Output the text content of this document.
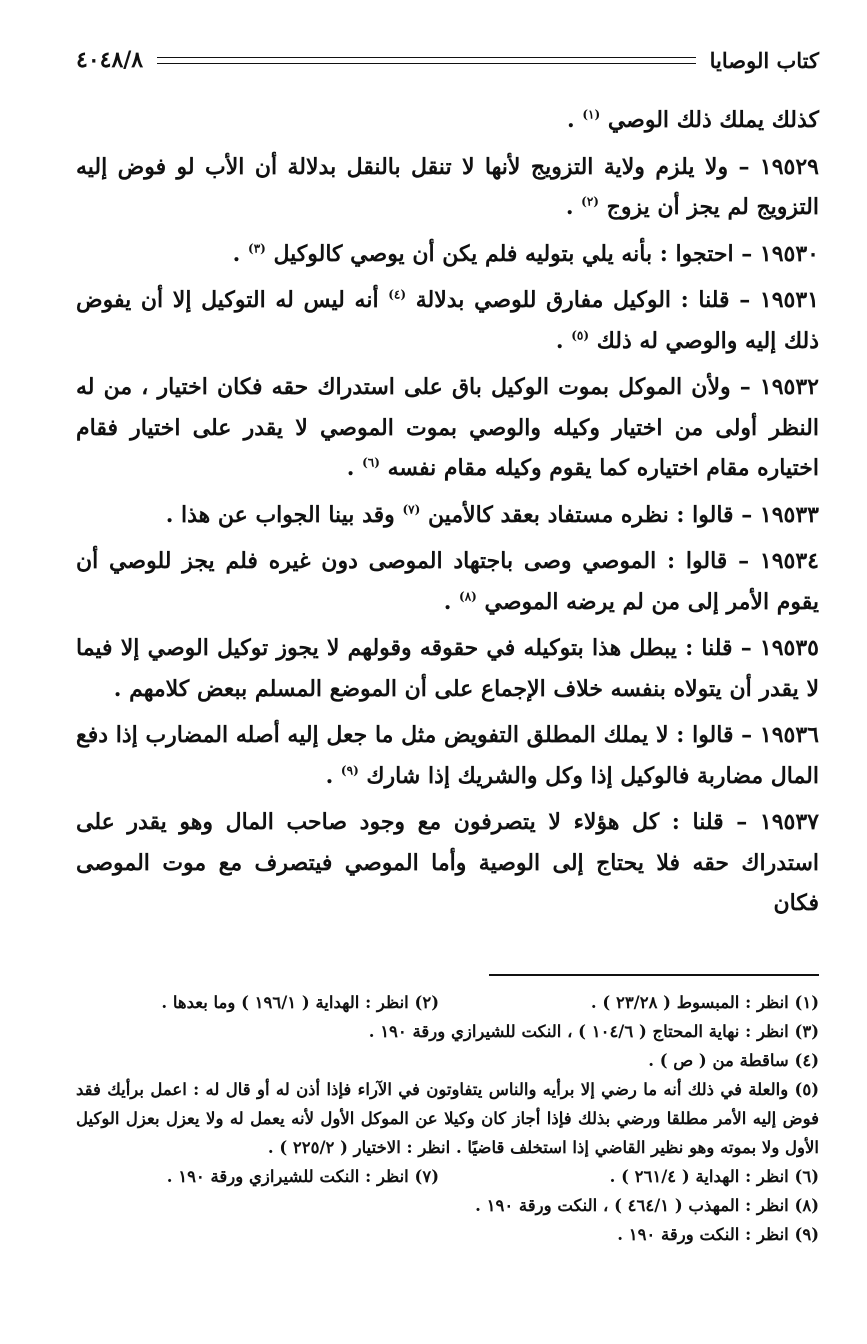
كتاب الوصايا
٤٠٤٨/٨

كذلك يملك ذلك الوصي $^{(١)}$ .

١٩٥٢٩ – ولا يلزم ولاية التزويج لأنها لا تنقل بالنقل بدلالة أن الأب لو فوض إليه التزويج لم يجز أن يزوج $^{(٢)}$ .

١٩٥٣٠ – احتجوا : بأنه يلي بتوليه فلم يكن أن يوصي كالوكيل $^{(٣)}$ .

١٩٥٣١ – قلنا : الوكيل مفارق للوصي بدلالة $^{(٤)}$ أنه ليس له التوكيل إلا أن يفوض ذلك إليه والوصي له ذلك $^{(٥)}$ .

١٩٥٣٢ – ولأن الموكل بموت الوكيل باق على استدراك حقه فكان اختيار ، من له النظر أولى من اختيار وكيله والوصي بموت الموصي لا يقدر على اختيار فقام اختياره مقام اختياره كما يقوم وكيله مقام نفسه $^{(٦)}$ .

١٩٥٣٣ – قالوا : نظره مستفاد بعقد كالأمين $^{(٧)}$ وقد بينا الجواب عن هذا .

١٩٥٣٤ – قالوا : الموصي وصى باجتهاد الموصى دون غيره فلم يجز للوصي أن يقوم الأمر إلى من لم يرضه الموصي $^{(٨)}$ .

١٩٥٣٥ – قلنا : يبطل هذا بتوكيله في حقوقه وقولهم لا يجوز توكيل الوصي إلا فيما لا يقدر أن يتولاه بنفسه خلاف الإجماع على أن الموضع المسلم ببعض كلامهم .

١٩٥٣٦ – قالوا : لا يملك المطلق التفويض مثل ما جعل إليه أصله المضارب إذا دفع المال مضاربة فالوكيل إذا وكل والشريك إذا شارك $^{(٩)}$ .

١٩٥٣٧ – قلنا : كل هؤلاء لا يتصرفون مع وجود صاحب المال وهو يقدر على استدراك حقه فلا يحتاج إلى الوصية وأما الموصي فيتصرف مع موت الموصى فكان

(١) انظر : المبسوط ( ٢٣/٢٨ ) .
(٢) انظر : الهداية ( ١٩٦/١ ) وما بعدها .

(٣) انظر : نهاية المحتاج ( ١٠٤/٦ ) ، النكت للشيرازي ورقة ١٩٠ .

(٤) ساقطة من ( ص ) .

(٥) والعلة في ذلك أنه ما رضي إلا برأيه والناس يتفاوتون في الآراء فإذا أذن له أو قال له : اعمل برأيك فقد فوض إليه الأمر مطلقا ورضي بذلك فإذا أجاز كان وكيلا عن الموكل الأول لأنه يعمل له ولا يعزل بعزل الوكيل الأول ولا بموته وهو نظير القاضي إذا استخلف قاضيًا . انظر : الاختيار ( ٢٢٥/٢ ) .

(٦) انظر : الهداية ( ٢٦١/٤ ) .
(٧) انظر : النكت للشيرازي ورقة ١٩٠ .

(٨) انظر : المهذب ( ٤٦٤/١ ) ، النكت ورقة ١٩٠ .

(٩) انظر : النكت ورقة ١٩٠ .
